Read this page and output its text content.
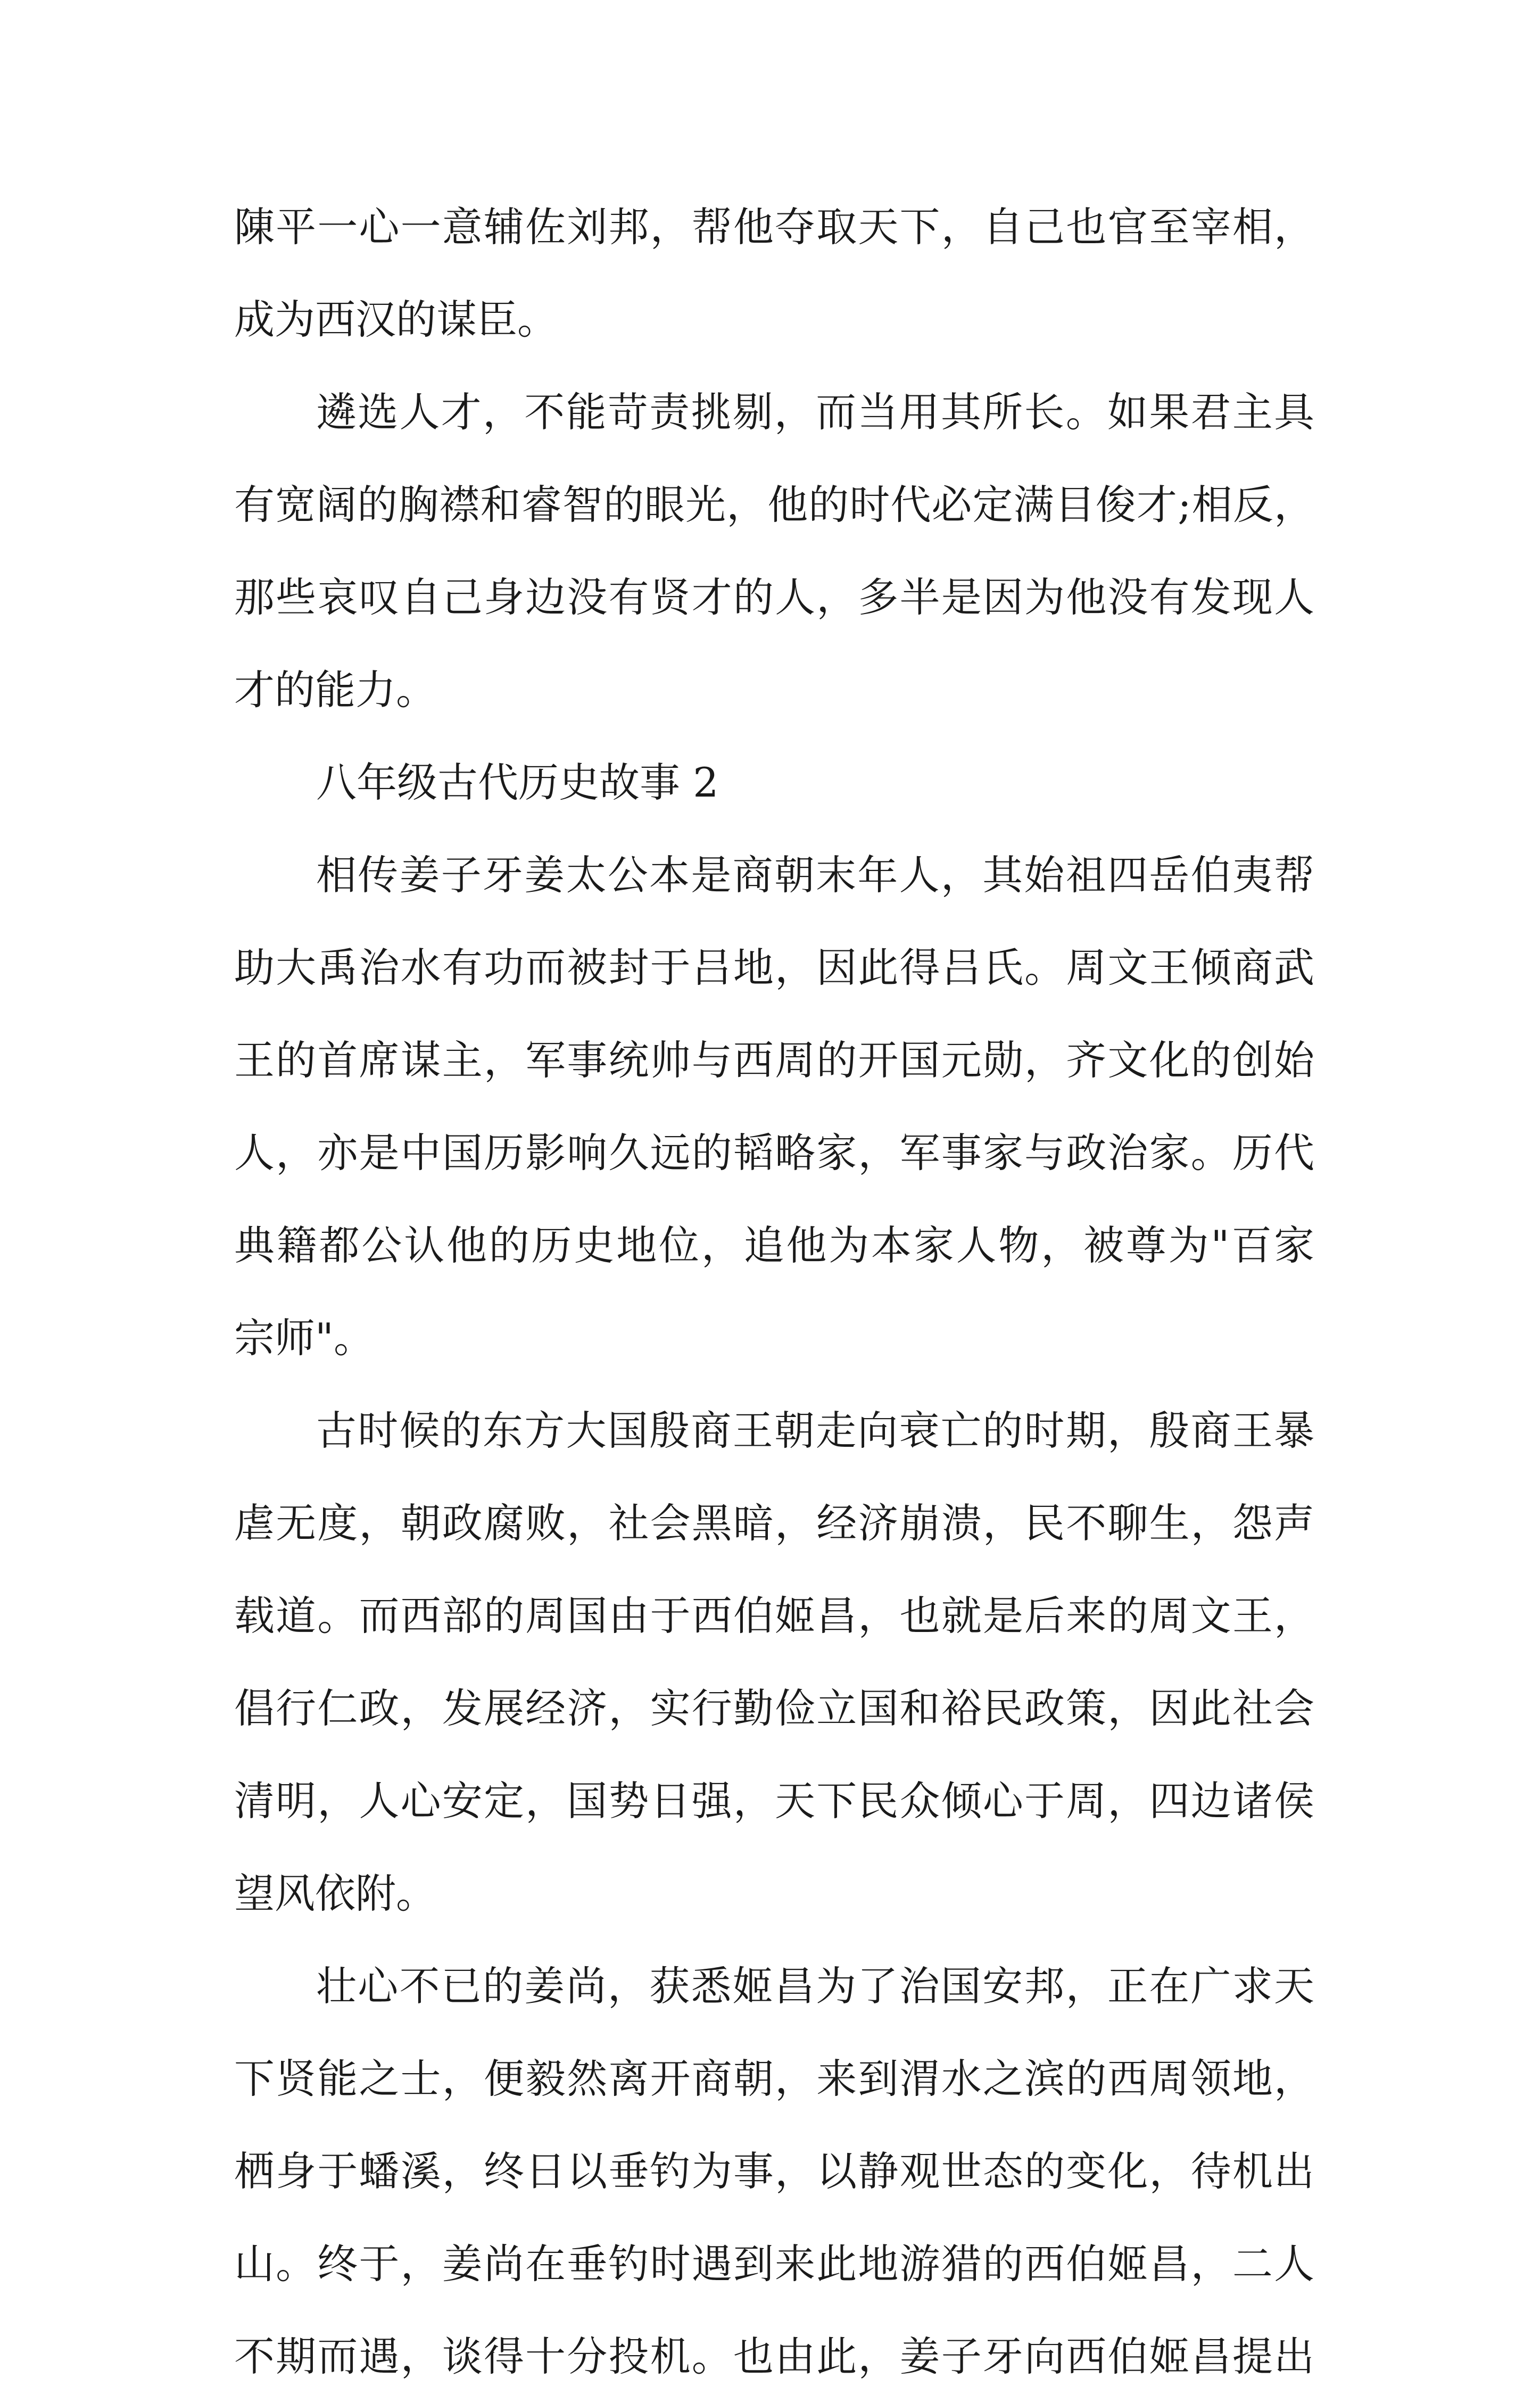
陳平一心一意辅佐刘邦，帮他夺取天下，自己也官至宰相，
成为西汉的谋臣。
遴选人才，不能苛责挑剔，而当用其所长。如果君主具
有宽阔的胸襟和睿智的眼光，他的时代必定满目俊才;相反，
那些哀叹自己身边没有贤才的人，多半是因为他没有发现人
才的能力。
八年级古代历史故事 2
相传姜子牙姜太公本是商朝末年人，其始祖四岳伯夷帮
助大禹治水有功而被封于吕地，因此得吕氏。周文王倾商武
王的首席谋主，军事统帅与西周的开国元勋，齐文化的创始
人，亦是中国历影响久远的韬略家，军事家与政治家。历代
典籍都公认他的历史地位，追他为本家人物，被尊为"百家
宗师"。
古时候的东方大国殷商王朝走向衰亡的时期，殷商王暴
虐无度，朝政腐败，社会黑暗，经济崩溃，民不聊生，怨声
载道。而西部的周国由于西伯姬昌，也就是后来的周文王，
倡行仁政，发展经济，实行勤俭立国和裕民政策，因此社会
清明，人心安定，国势日强，天下民众倾心于周，四边诸侯
望风依附。
壮心不已的姜尚，获悉姬昌为了治国安邦，正在广求天
下贤能之士，便毅然离开商朝，来到渭水之滨的西周领地，
栖身于蟠溪，终日以垂钓为事，以静观世态的变化，待机出
山。终于，姜尚在垂钓时遇到来此地游猎的西伯姬昌，二人
不期而遇，谈得十分投机。也由此，姜子牙向西伯姬昌提出
